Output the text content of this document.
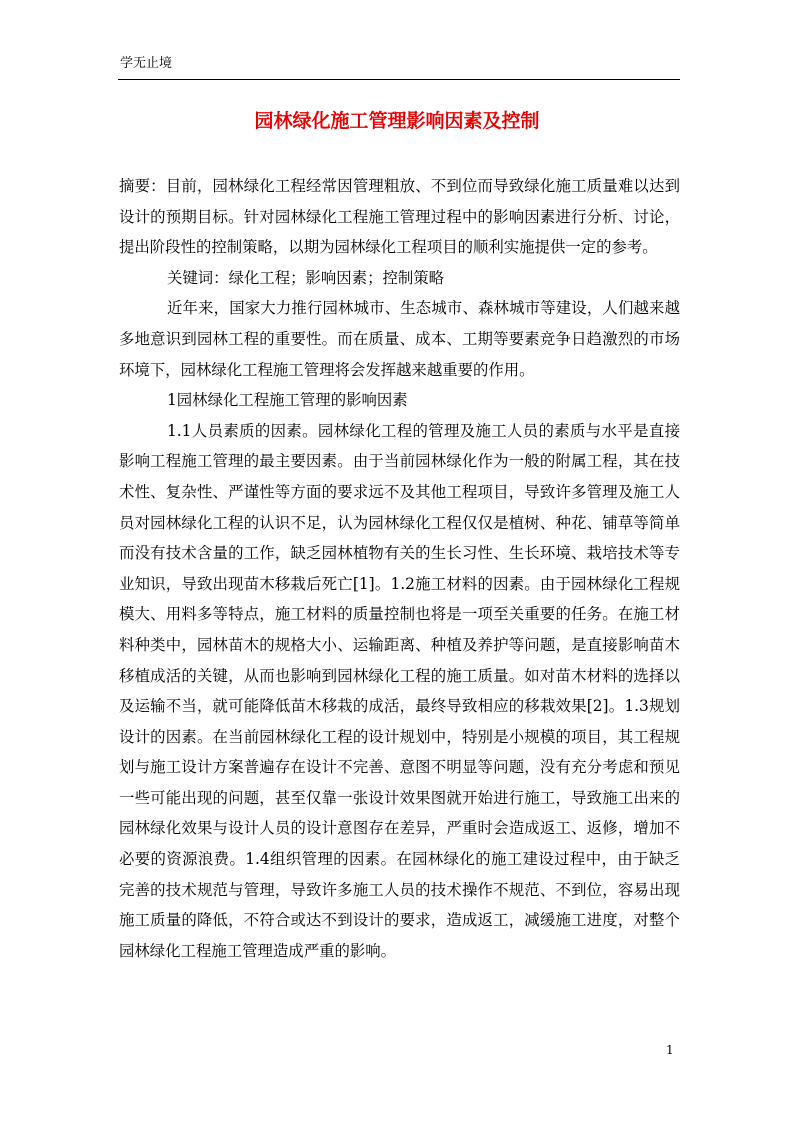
学无止境
园林绿化施工管理影响因素及控制

摘要：目前，园林绿化工程经常因管理粗放、不到位而导致绿化施工质量难以达到设计的预期目标。针对园林绿化工程施工管理过程中的影响因素进行分析、讨论，提出阶段性的控制策略，以期为园林绿化工程项目的顺利实施提供一定的参考。

关键词：绿化工程；影响因素；控制策略

近年来，国家大力推行园林城市、生态城市、森林城市等建设，人们越来越多地意识到园林工程的重要性。而在质量、成本、工期等要素竞争日趋激烈的市场环境下，园林绿化工程施工管理将会发挥越来越重要的作用。

1园林绿化工程施工管理的影响因素

1.1人员素质的因素。园林绿化工程的管理及施工人员的素质与水平是直接影响工程施工管理的最主要因素。由于当前园林绿化作为一般的附属工程，其在技术性、复杂性、严谨性等方面的要求远不及其他工程项目，导致许多管理及施工人员对园林绿化工程的认识不足，认为园林绿化工程仅仅是植树、种花、铺草等简单而没有技术含量的工作，缺乏园林植物有关的生长习性、生长环境、栽培技术等专业知识，导致出现苗木移栽后死亡[1]。1.2施工材料的因素。由于园林绿化工程规模大、用料多等特点，施工材料的质量控制也将是一项至关重要的任务。在施工材料种类中，园林苗木的规格大小、运输距离、种植及养护等问题，是直接影响苗木移植成活的关键，从而也影响到园林绿化工程的施工质量。如对苗木材料的选择以及运输不当，就可能降低苗木移栽的成活，最终导致相应的移栽效果[2]。1.3规划设计的因素。在当前园林绿化工程的设计规划中，特别是小规模的项目，其工程规划与施工设计方案普遍存在设计不完善、意图不明显等问题，没有充分考虑和预见一些可能出现的问题，甚至仅靠一张设计效果图就开始进行施工，导致施工出来的园林绿化效果与设计人员的设计意图存在差异，严重时会造成返工、返修，增加不必要的资源浪费。1.4组织管理的因素。在园林绿化的施工建设过程中，由于缺乏完善的技术规范与管理，导致许多施工人员的技术操作不规范、不到位，容易出现施工质量的降低，不符合或达不到设计的要求，造成返工，减缓施工进度，对整个园林绿化工程施工管理造成严重的影响。

1
